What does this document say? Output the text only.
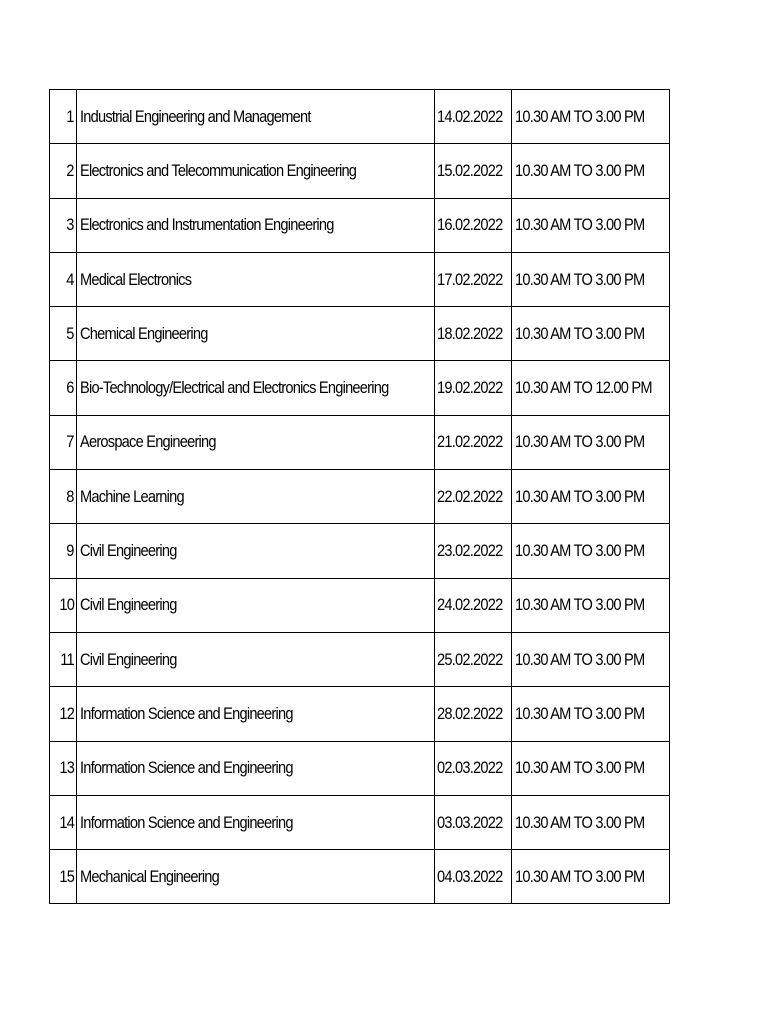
1	Industrial Engineering and Management	14.02.2022	10.30 AM TO 3.00 PM
2	Electronics and Telecommunication Engineering	15.02.2022	10.30 AM TO 3.00 PM
3	Electronics and Instrumentation Engineering	16.02.2022	10.30 AM TO 3.00 PM
4	Medical Electronics	17.02.2022	10.30 AM TO 3.00 PM
5	Chemical Engineering	18.02.2022	10.30 AM TO 3.00 PM
6	Bio-Technology/Electrical and Electronics Engineering	19.02.2022	10.30 AM TO 12.00 PM
7	Aerospace Engineering	21.02.2022	10.30 AM TO 3.00 PM
8	Machine Learning	22.02.2022	10.30 AM TO 3.00 PM
9	Civil Engineering	23.02.2022	10.30 AM TO 3.00 PM
10	Civil Engineering	24.02.2022	10.30 AM TO 3.00 PM
11	Civil Engineering	25.02.2022	10.30 AM TO 3.00 PM
12	Information Science and Engineering	28.02.2022	10.30 AM TO 3.00 PM
13	Information Science and Engineering	02.03.2022	10.30 AM TO 3.00 PM
14	Information Science and Engineering	03.03.2022	10.30 AM TO 3.00 PM
15	Mechanical Engineering	04.03.2022	10.30 AM TO 3.00 PM
